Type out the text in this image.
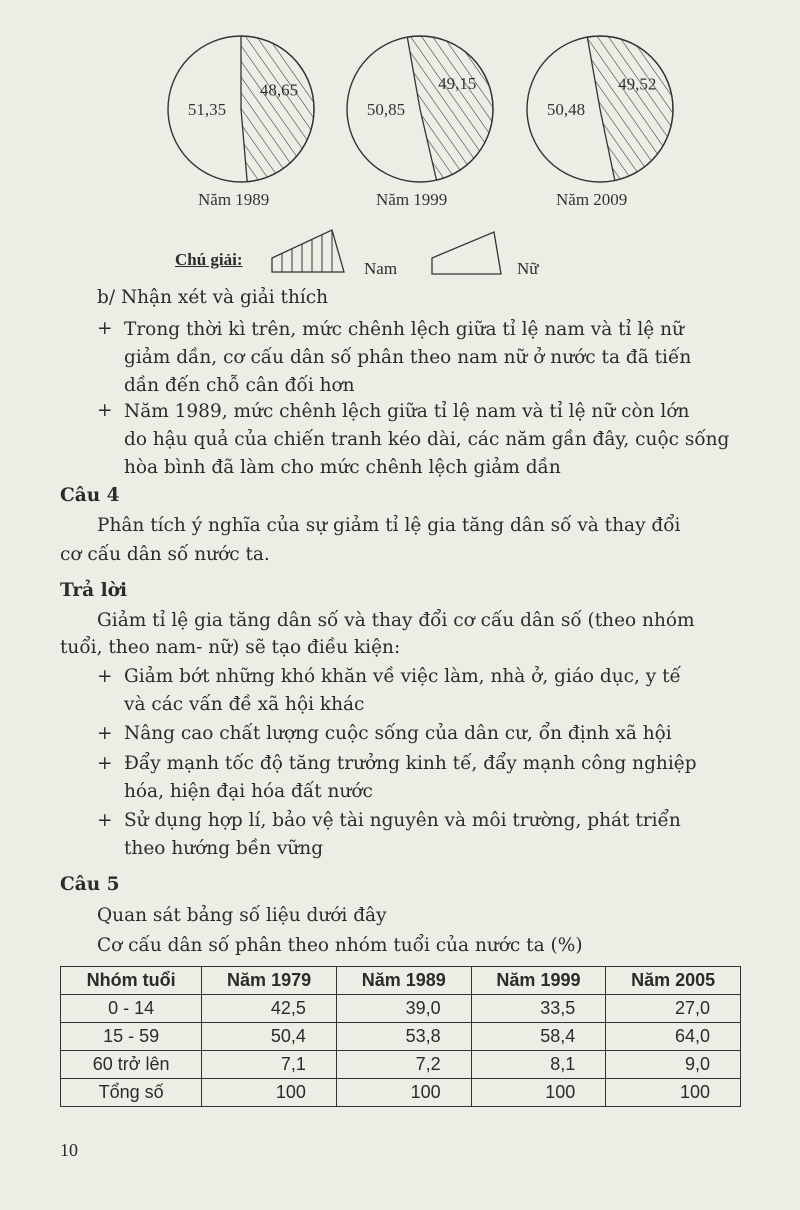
48,65
51,35
49,15
50,85
49,52
50,48
Năm 1989	Năm 1999	Năm 2009
Chú giải:	Nam	Nữ
b/ Nhận xét và giải thích
+ Trong thời kì trên, mức chênh lệch giữa tỉ lệ nam và tỉ lệ nữ
giảm dần, cơ cấu dân số phân theo nam nữ ở nước ta đã tiến
dần đến chỗ cân đối hơn
+ Năm 1989, mức chênh lệch giữa tỉ lệ nam và tỉ lệ nữ còn lớn
do hậu quả của chiến tranh kéo dài, các năm gần đây, cuộc sống
hòa bình đã làm cho mức chênh lệch giảm dần
Câu 4
Phân tích ý nghĩa của sự giảm tỉ lệ gia tăng dân số và thay đổi
cơ cấu dân số nước ta.
Trả lời
Giảm tỉ lệ gia tăng dân số và thay đổi cơ cấu dân số (theo nhóm
tuổi, theo nam- nữ) sẽ tạo điều kiện:
+ Giảm bớt những khó khăn về việc làm, nhà ở, giáo dục, y tế
và các vấn đề xã hội khác
+ Nâng cao chất lượng cuộc sống của dân cư, ổn định xã hội
+ Đẩy mạnh tốc độ tăng trưởng kinh tế, đẩy mạnh công nghiệp
hóa, hiện đại hóa đất nước
+ Sử dụng hợp lí, bảo vệ tài nguyên và môi trường, phát triển
theo hướng bền vững
Câu 5
Quan sát bảng số liệu dưới đây
Cơ cấu dân số phân theo nhóm tuổi của nước ta (%)
Nhóm tuổi	Năm 1979	Năm 1989	Năm 1999	Năm 2005
0 - 14	42,5	39,0	33,5	27,0
15 - 59	50,4	53,8	58,4	64,0
60 trở lên	7,1	7,2	8,1	9,0
Tổng số	100	100	100	100
10
